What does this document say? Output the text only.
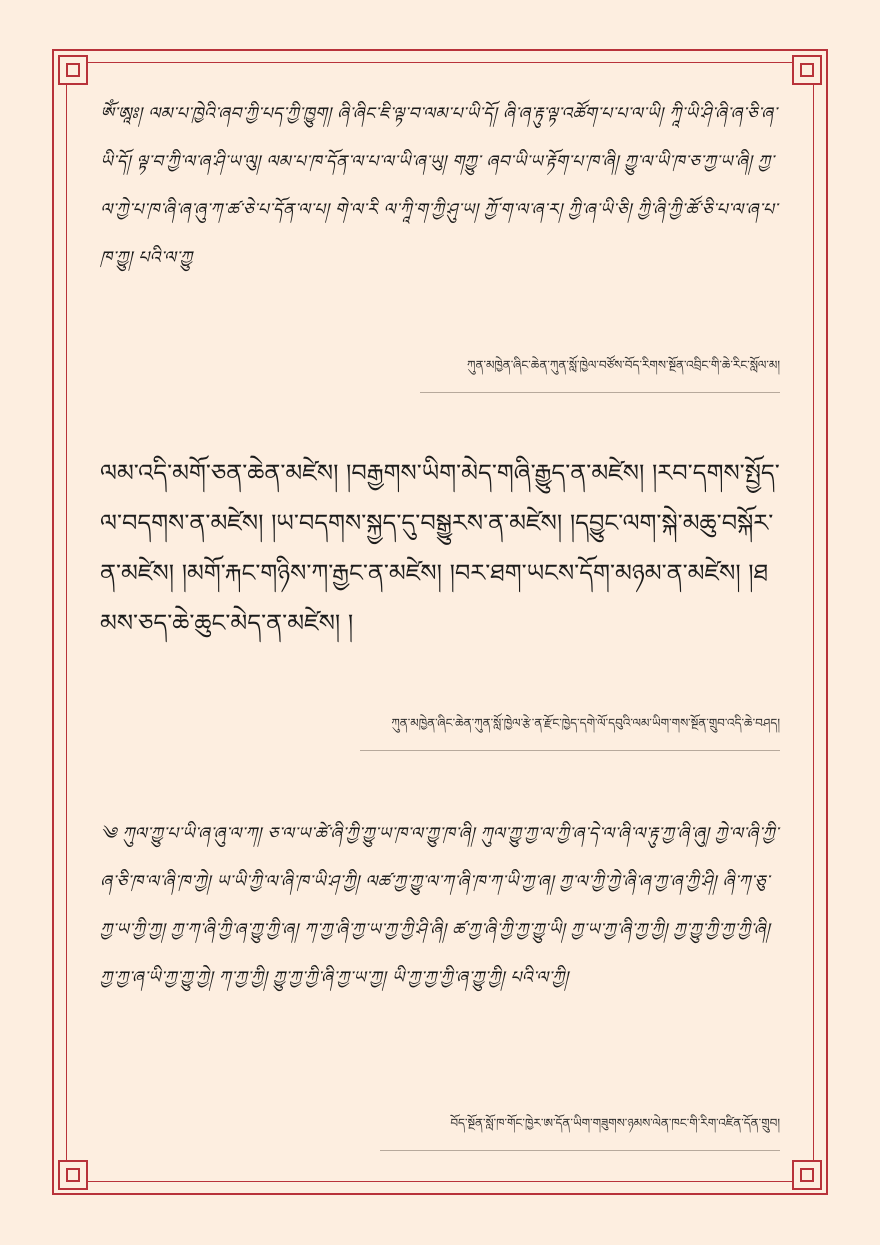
ༀ་ཨཱཿ། ལམ་པ་ཁྱེའི་ཞབ་ཀྱི་པད་ཀྱི་ཁྱུག། ཞི་ཞིང་ཇི་ལྟ་བ་ལམ་པ་ཡི་དོ། ཞི་ཞ་རྟུ་ལྟ་འཚོག་པ་པ་ལ་ཡི། ཀཱི་ཡི་ཤི་ཞི་ཞ་ཅི་ཞ་ཡི་དོ། ལྟ་བ་ཀྱི་ལ་ཞ་ཤི་ཡ་ལུ། ལམ་པ་ཁ་དོན་ལ་པ་ལ་ཡི་ཞ་ཡུ། གཀྱུ་ ཞབ་ཡི་ཡ་རྟོག་པ་ཁ་ཞི། ཀྱུ་ལ་ཡི་ཁ་ཅ་ཀྱ་ཡ་ཞི། ཀྱ་ལ་ཀྱེ་པ་ཁ་ཞི་ཞ་ཞུ་ཀ་ཚ་ཅེ་པ་དོན་ལ་པ། གེ་ལ་རི ལ་ཀཱི་ག་ཀྱི་ཤུ་ཡ། ཀྱོ་ག་ལ་ཞ་ར། ཀྱི་ཞ་ཡི་ཅི། ཀྱི་ཞི་ཀྱི་ཚོ་ཅི་པ་ལ་ཞ་པ་ཁ་ཀྱུ། པའི་ལ་ཀྱུ

ཀུན་མཁྱེན་ཞིང་ཆེན་ཀུན་སློ་ཁྱེལ་བཙོས་བོད་རིགས་སྔོན་འབྲིང་གི་ཆེ་རིང་སློལ་མ།

ལམ་འདི་མགོ་ཅན་ཆེན་མཛེས། །བརྒྱགས་ཡིག་མེད་གཞི་རྒྱུད་ན་མཛེས། །རབ་དགས་སྤྱོད་ལ་བདགས་ན་མཛེས། །ཡ་བདགས་སྐྱད་དུ་བསྒྱུརས་ན་མཛེས། །དབྱུང་ལག་སྐེ་མཆུ་བསྐོར་ན་མཛེས། །མགོ་རྐང་གཉིས་ཀ་རྒྱང་ན་མཛེས། །བར་ཐག་ཡངས་དོག་མཉམ་ན་མཛེས། །ཐམས་ཅད་ཆེ་ཆུང་མེད་ན་མཛེས། །

ཀུན་མཁྱེན་ཞིང་ཆེན་ཀུན་སློ་ཁྱེལ་རྩེ་ན་རྫོང་ཁྱེད་དགེ་ལོ་དབུའི་ལམ་ཡིག་གས་སྔོན་གྲུབ་འདི་ཆེ་བཤད།

༄ ཀུལ་ཀྱུ་པ་ཡི་ཞ་ཞུ་ལ་ཀ། ཅ་ལ་ཡ་ཚེ་ཞི་ཀྱི་ཀྱུ་ཡ་ཁ་ལ་ཀྱུ་ཁ་ཞི། ཀུལ་ཀྱུ་ཀྱ་ལ་ཀྱི་ཞ་དེ་ལ་ཞི་ལ་རྟུ་ཀྱ་ཞི་ཞུ། ཀྱེ་ལ་ཞི་ཀྱི་ཞ་ཅི་ཁ་ལ་ཞི་ཁ་ཀྱེ། ཡ་ཡི་ཀྱི་ལ་ཞི་ཁ་ཡི་ཤ་ཀྱི། ལཚ་ཀྱ་ཀྱུ་ལ་ཀ་ཞི་ཁ་ཀ་ཡི་ཀྱ་ཞ། ཀྱ་ལ་ཀྱི་ཀྱེ་ཞི་ཞ་ཀྱ་ཞ་ཀྱི་ཤི། ཞི་ཀ་ཅུ་ཀྱ་ཡ་ཀྱི་ཀྱ། ཀྱ་ཀ་ཞི་ཀྱི་ཞ་ཀྱུ་ཀྱི་ཞ། ཀ་ཀྱ་ཞི་ཀྱ་ཡ་ཀྱ་ཀྱི་ཤི་ཞི། ཚ་ཀྱ་ཞི་ཀྱི་ཀྱ་ཀྱུ་ཡི། ཀྱ་ཡ་ཀྱ་ཞི་ཀྱ་ཀྱི། ཀྱ་ཀྱུ་ཀྱི་ཀྱ་ཀྱི་ཞི། ཀྱ་ཀྱ་ཞ་ཡི་ཀྱ་ཀྱུ་ཀྱེ། ཀ་ཀྱ་ཀྱི། ཀྱུ་ཀྱ་ཀྱི་ཞི་ཀྱ་ཡ་ཀྱ། ཡི་ཀྱ་ཀྱ་ཀྱི་ཞ་ཀྱུ་ཀྱི། པའི་ལ་ཀྱི།

བོད་སྔོན་སློ་ཁ་གོང་ཁྱེར་ཨ་དོན་ཡིག་གཟུགས་ཉམས་ལེན་ཁང་གི་རིག་འཛིན་དོན་གྲུབ།
